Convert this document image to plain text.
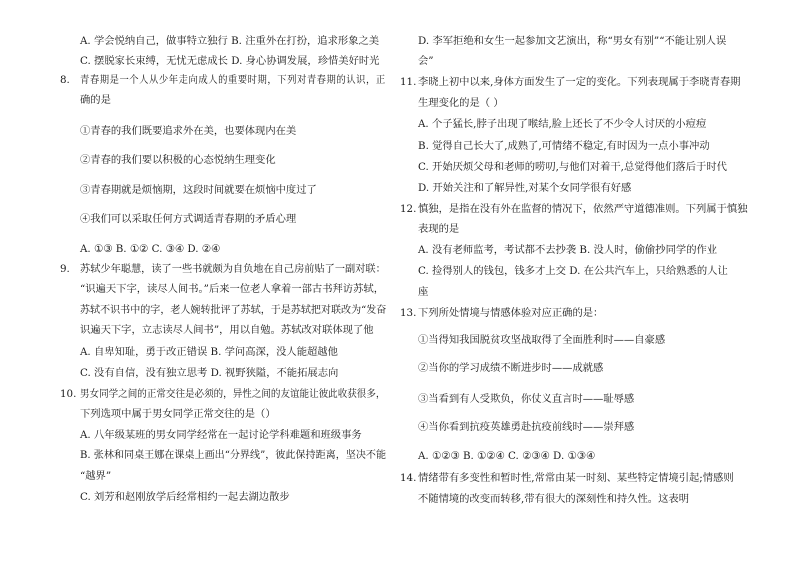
A. 学会悦纳自己，做事特立独行 B. 注重外在打扮，追求形象之美
C. 摆脱家长束缚，无忧无虑成长 D. 身心协调发展，珍惜美好时光
8. 青春期是一个人从少年走向成人的重要时期，下列对青春期的认识，正
确的是
①青春的我们既要追求外在美，也要体现内在美
②青春的我们要以积极的心态悦纳生理变化
③青春期就是烦恼期，这段时间就要在烦恼中度过了
④我们可以采取任何方式调适青春期的矛盾心理
A. ①③ B. ①② C. ③④ D. ②④
9. 苏轼少年聪慧，读了一些书就颇为自负地在自己房前贴了一副对联：
“识遍天下字，读尽人间书。”后来一位老人拿着一部古书拜访苏轼，
苏轼不识书中的字，老人婉转批评了苏轼，于是苏轼把对联改为“发奋
识遍天下字，立志读尽人间书”，用以自勉。苏轼改对联体现了他
A. 自卑知耻，勇于改正错误 B. 学问高深，没人能超越他
C. 没有自信，没有独立思考 D. 视野狭隘，不能拓展志向
10. 男女同学之间的正常交往是必须的，异性之间的友谊能让彼此收获很多，
下列选项中属于男女同学正常交往的是（）
A. 八年级某班的男女同学经常在一起讨论学科难题和班级事务
B. 张林和同桌王娜在课桌上画出“分界线”，彼此保持距离，坚决不能
“越界”
C. 刘芳和赵刚放学后经常相约一起去湖边散步
D. 李军拒绝和女生一起参加文艺演出，称“男女有别”“不能让别人误
会”
11. 李晓上初中以来,身体方面发生了一定的变化。下列表现属于李晓青春期
生理变化的是（ ）
A. 个子猛长,脖子出现了喉结,脸上还长了不少令人讨厌的小痘痘
B. 觉得自己长大了,成熟了,可情绪不稳定,有时因为一点小事冲动
C. 开始厌烦父母和老师的唠叨,与他们对着干,总觉得他们落后于时代
D. 开始关注和了解异性,对某个女同学很有好感
12. 慎独，是指在没有外在监督的情况下，依然严守道德准则。下列属于慎独
表现的是
A. 没有老师监考，考试都不去抄袭 B. 没人时，偷偷抄同学的作业
C. 捡得别人的钱包，钱多才上交 D. 在公共汽车上，只给熟悉的人让
座
13. 下列所处情境与情感体验对应正确的是：
①当得知我国脱贫攻坚战取得了全面胜利时——自豪感
②当你的学习成绩不断进步时——成就感
③当看到有人受欺负，你仗义直言时——耻辱感
④当你看到抗疫英雄勇赴抗疫前线时——崇拜感
A. ①②③ B. ①②④ C. ②③④ D. ①③④
14. 情绪带有多变性和暂时性,常常由某一时刻、某些特定情境引起;情感则
不随情境的改变而转移,带有很大的深刻性和持久性。这表明
